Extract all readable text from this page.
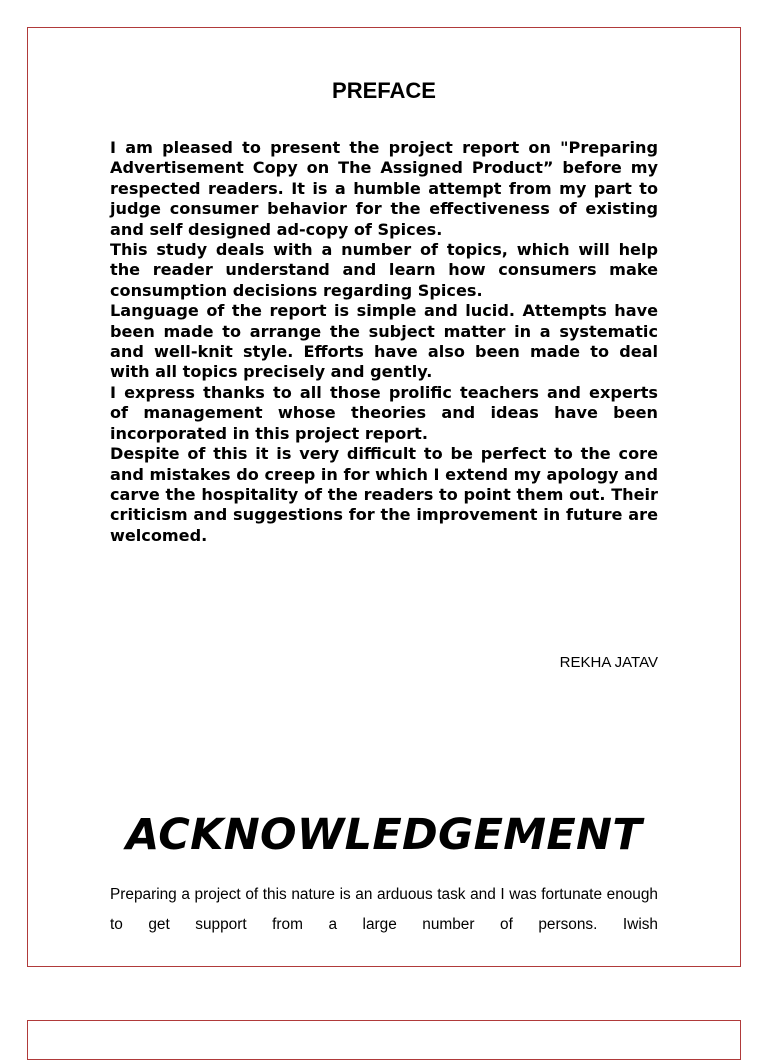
PREFACE

I am pleased to present the project report on "Preparing Advertisement Copy on The Assigned Product” before my respected readers. It is a humble attempt from my part to judge consumer behavior for the effectiveness of existing and self designed ad-copy of Spices.

This study deals with a number of topics, which will help the reader understand and learn how consumers make consumption decisions regarding Spices.

Language of the report is simple and lucid. Attempts have been made to arrange the subject matter in a systematic and well-knit style. Efforts have also been made to deal with all topics precisely and gently.

I express thanks to all those prolific teachers and experts of management whose theories and ideas have been incorporated in this project report.

Despite of this it is very difficult to be perfect to the core and mistakes do creep in for which I extend my apology and carve the hospitality of the readers to point them out. Their criticism and suggestions for the improvement in future are welcomed.

REKHA JATAV
ACKNOWLEDGEMENT

Preparing a project of this nature is an arduous task and I was fortunate enough to get support from a large number of persons. Iwish
